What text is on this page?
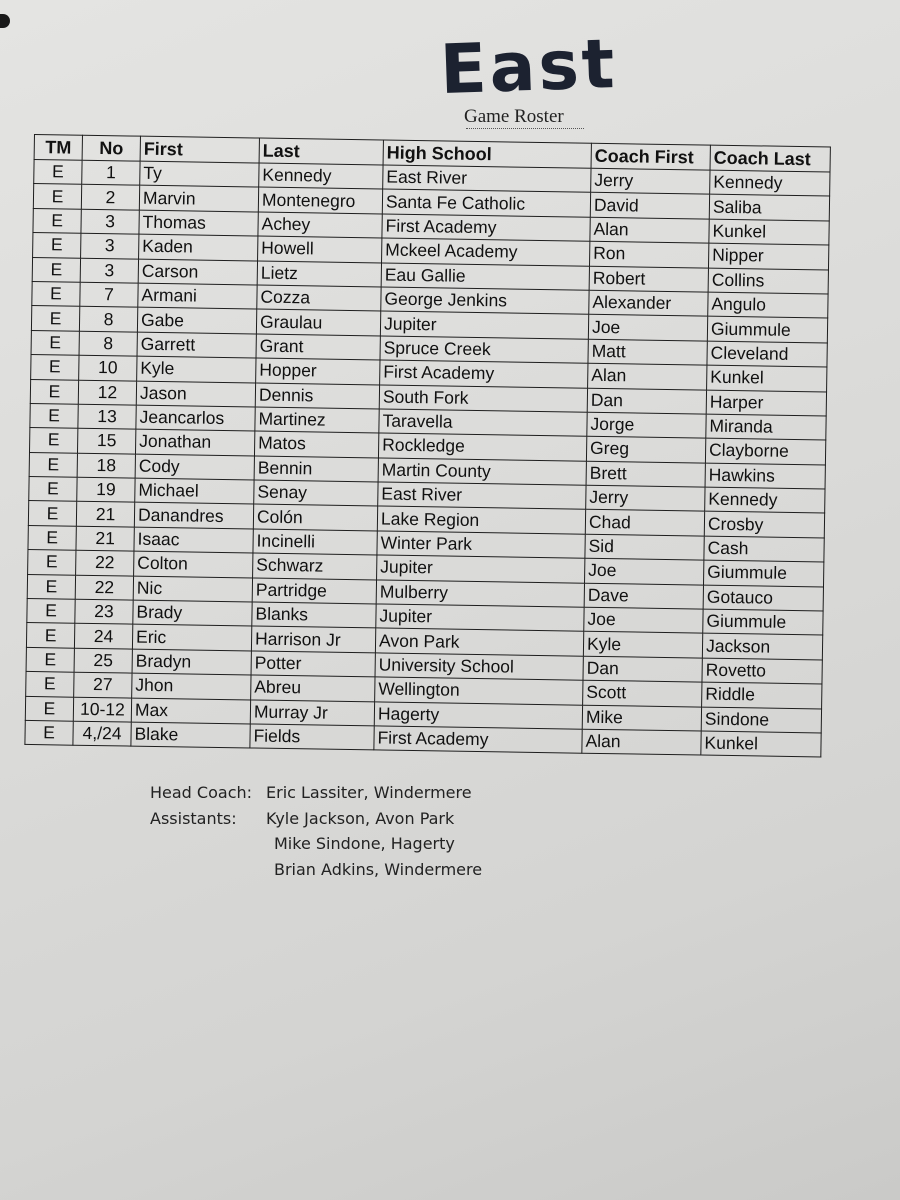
East
Game Roster
TM	No	First	Last	High School	Coach First	Coach Last
E	1	Ty	Kennedy	East River	Jerry	Kennedy
E	2	Marvin	Montenegro	Santa Fe Catholic	David	Saliba
E	3	Thomas	Achey	First Academy	Alan	Kunkel
E	3	Kaden	Howell	Mckeel Academy	Ron	Nipper
E	3	Carson	Lietz	Eau Gallie	Robert	Collins
E	7	Armani	Cozza	George Jenkins	Alexander	Angulo
E	8	Gabe	Graulau	Jupiter	Joe	Giummule
E	8	Garrett	Grant	Spruce Creek	Matt	Cleveland
E	10	Kyle	Hopper	First Academy	Alan	Kunkel
E	12	Jason	Dennis	South Fork	Dan	Harper
E	13	Jeancarlos	Martinez	Taravella	Jorge	Miranda
E	15	Jonathan	Matos	Rockledge	Greg	Clayborne
E	18	Cody	Bennin	Martin County	Brett	Hawkins
E	19	Michael	Senay	East River	Jerry	Kennedy
E	21	Danandres	Colón	Lake Region	Chad	Crosby
E	21	Isaac	Incinelli	Winter Park	Sid	Cash
E	22	Colton	Schwarz	Jupiter	Joe	Giummule
E	22	Nic	Partridge	Mulberry	Dave	Gotauco
E	23	Brady	Blanks	Jupiter	Joe	Giummule
E	24	Eric	Harrison Jr	Avon Park	Kyle	Jackson
E	25	Bradyn	Potter	University School	Dan	Rovetto
E	27	Jhon	Abreu	Wellington	Scott	Riddle
E	10-12	Max	Murray Jr	Hagerty	Mike	Sindone
E	4,/24	Blake	Fields	First Academy	Alan	Kunkel
Head Coach: Eric Lassiter, Windermere
Assistants: Kyle Jackson, Avon Park
Mike Sindone, Hagerty
Brian Adkins, Windermere
